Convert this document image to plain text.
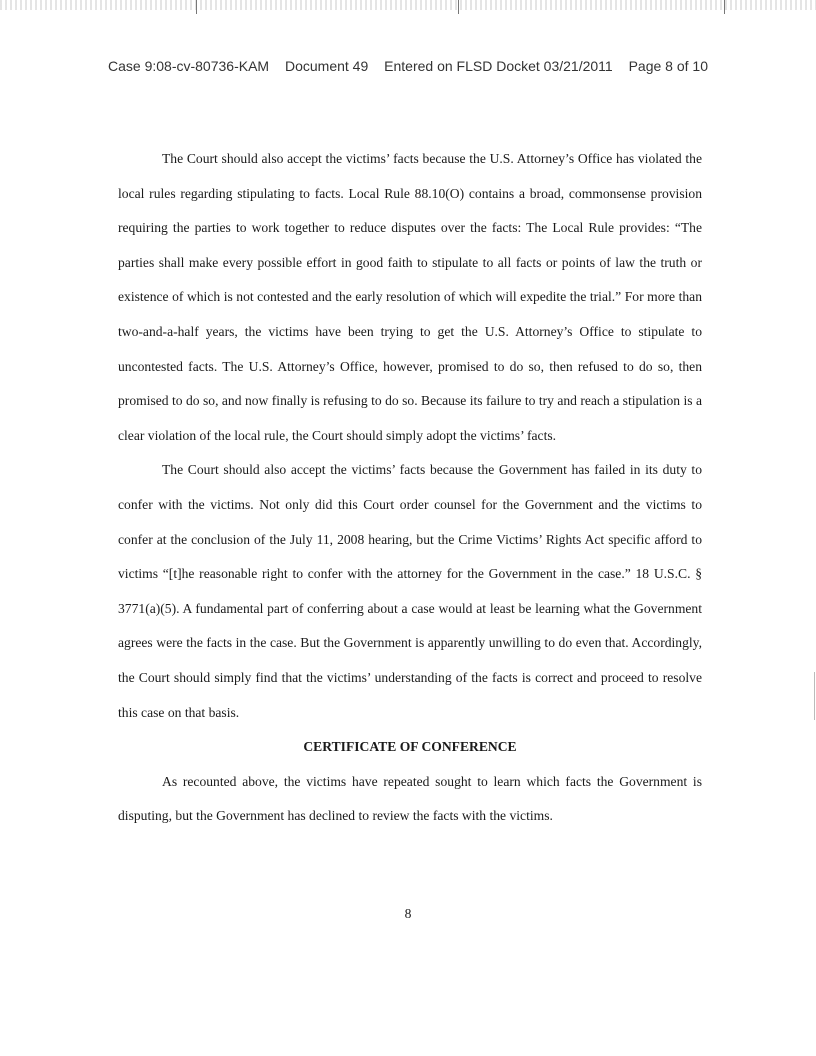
Case 9:08-cv-80736-KAM Document 49 Entered on FLSD Docket 03/21/2011 Page 8 of 10

The Court should also accept the victims’ facts because the U.S. Attorney’s Office has violated the local rules regarding stipulating to facts. Local Rule 88.10(O) contains a broad, commonsense provision requiring the parties to work together to reduce disputes over the facts: The Local Rule provides: “The parties shall make every possible effort in good faith to stipulate to all facts or points of law the truth or existence of which is not contested and the early resolution of which will expedite the trial.” For more than two-and-a-half years, the victims have been trying to get the U.S. Attorney’s Office to stipulate to uncontested facts. The U.S. Attorney’s Office, however, promised to do so, then refused to do so, then promised to do so, and now finally is refusing to do so. Because its failure to try and reach a stipulation is a clear violation of the local rule, the Court should simply adopt the victims’ facts.

The Court should also accept the victims’ facts because the Government has failed in its duty to confer with the victims. Not only did this Court order counsel for the Government and the victims to confer at the conclusion of the July 11, 2008 hearing, but the Crime Victims’ Rights Act specific afford to victims “[t]he reasonable right to confer with the attorney for the Government in the case.” 18 U.S.C. § 3771(a)(5). A fundamental part of conferring about a case would at least be learning what the Government agrees were the facts in the case. But the Government is apparently unwilling to do even that. Accordingly, the Court should simply find that the victims’ understanding of the facts is correct and proceed to resolve this case on that basis.

CERTIFICATE OF CONFERENCE

As recounted above, the victims have repeated sought to learn which facts the Government is disputing, but the Government has declined to review the facts with the victims.

8
